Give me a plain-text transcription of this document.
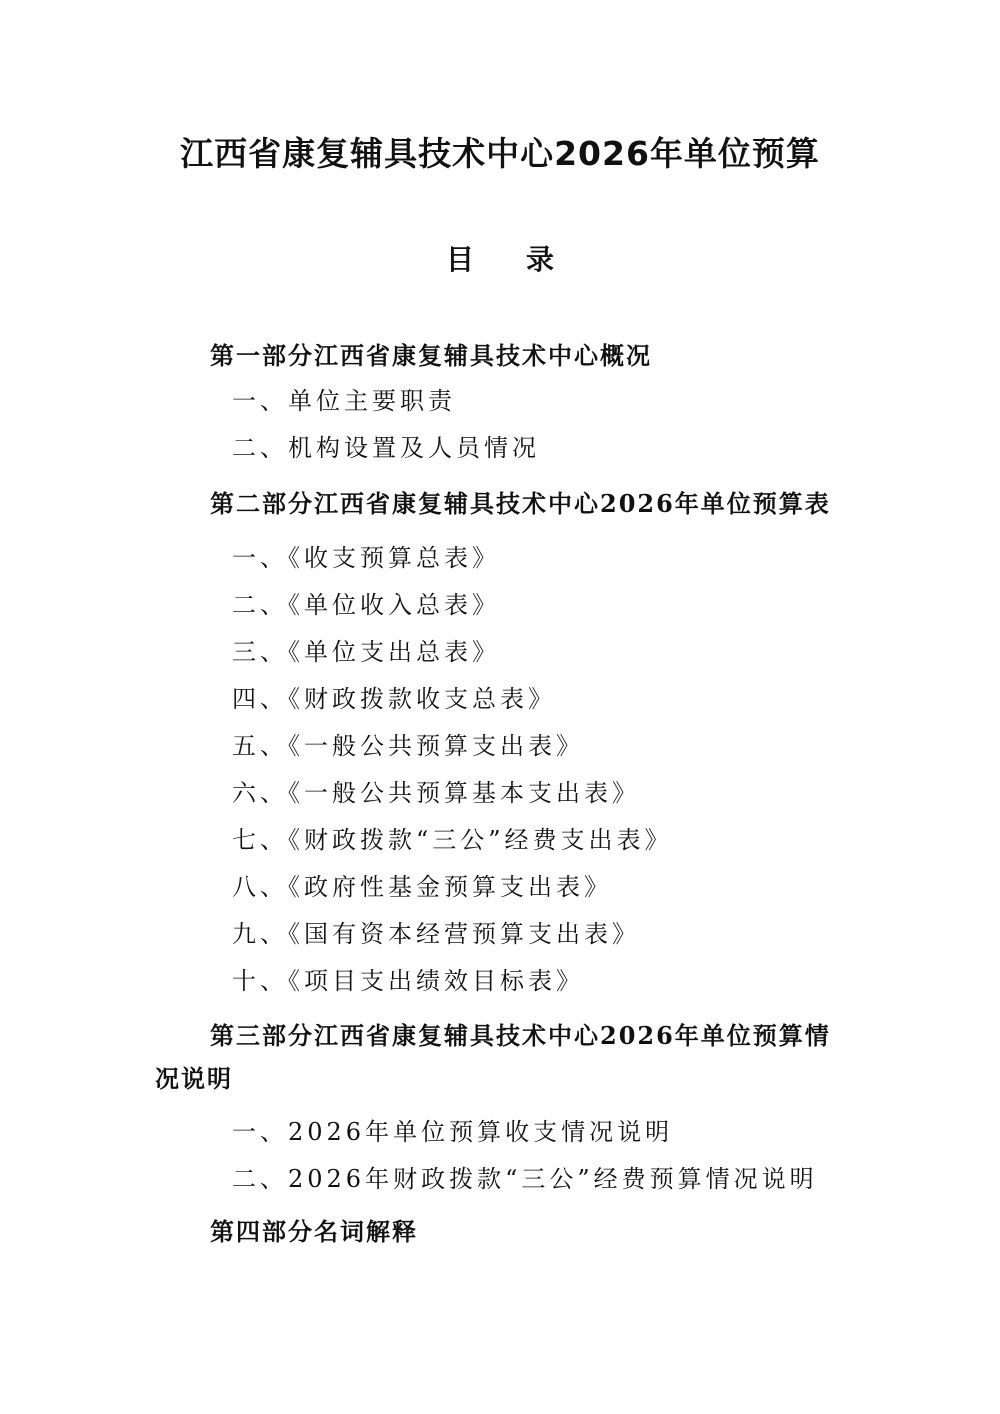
江西省康复辅具技术中心2026年单位预算
目 录
第一部分江西省康复辅具技术中心概况
一、单位主要职责
二、机构设置及人员情况
第二部分江西省康复辅具技术中心2026年单位预算表
一、《收支预算总表》
二、《单位收入总表》
三、《单位支出总表》
四、《财政拨款收支总表》
五、《一般公共预算支出表》
六、《一般公共预算基本支出表》
七、《财政拨款“三公”经费支出表》
八、《政府性基金预算支出表》
九、《国有资本经营预算支出表》
十、《项目支出绩效目标表》
第三部分江西省康复辅具技术中心2026年单位预算情
况说明
一、2026年单位预算收支情况说明
二、2026年财政拨款“三公”经费预算情况说明
第四部分名词解释
